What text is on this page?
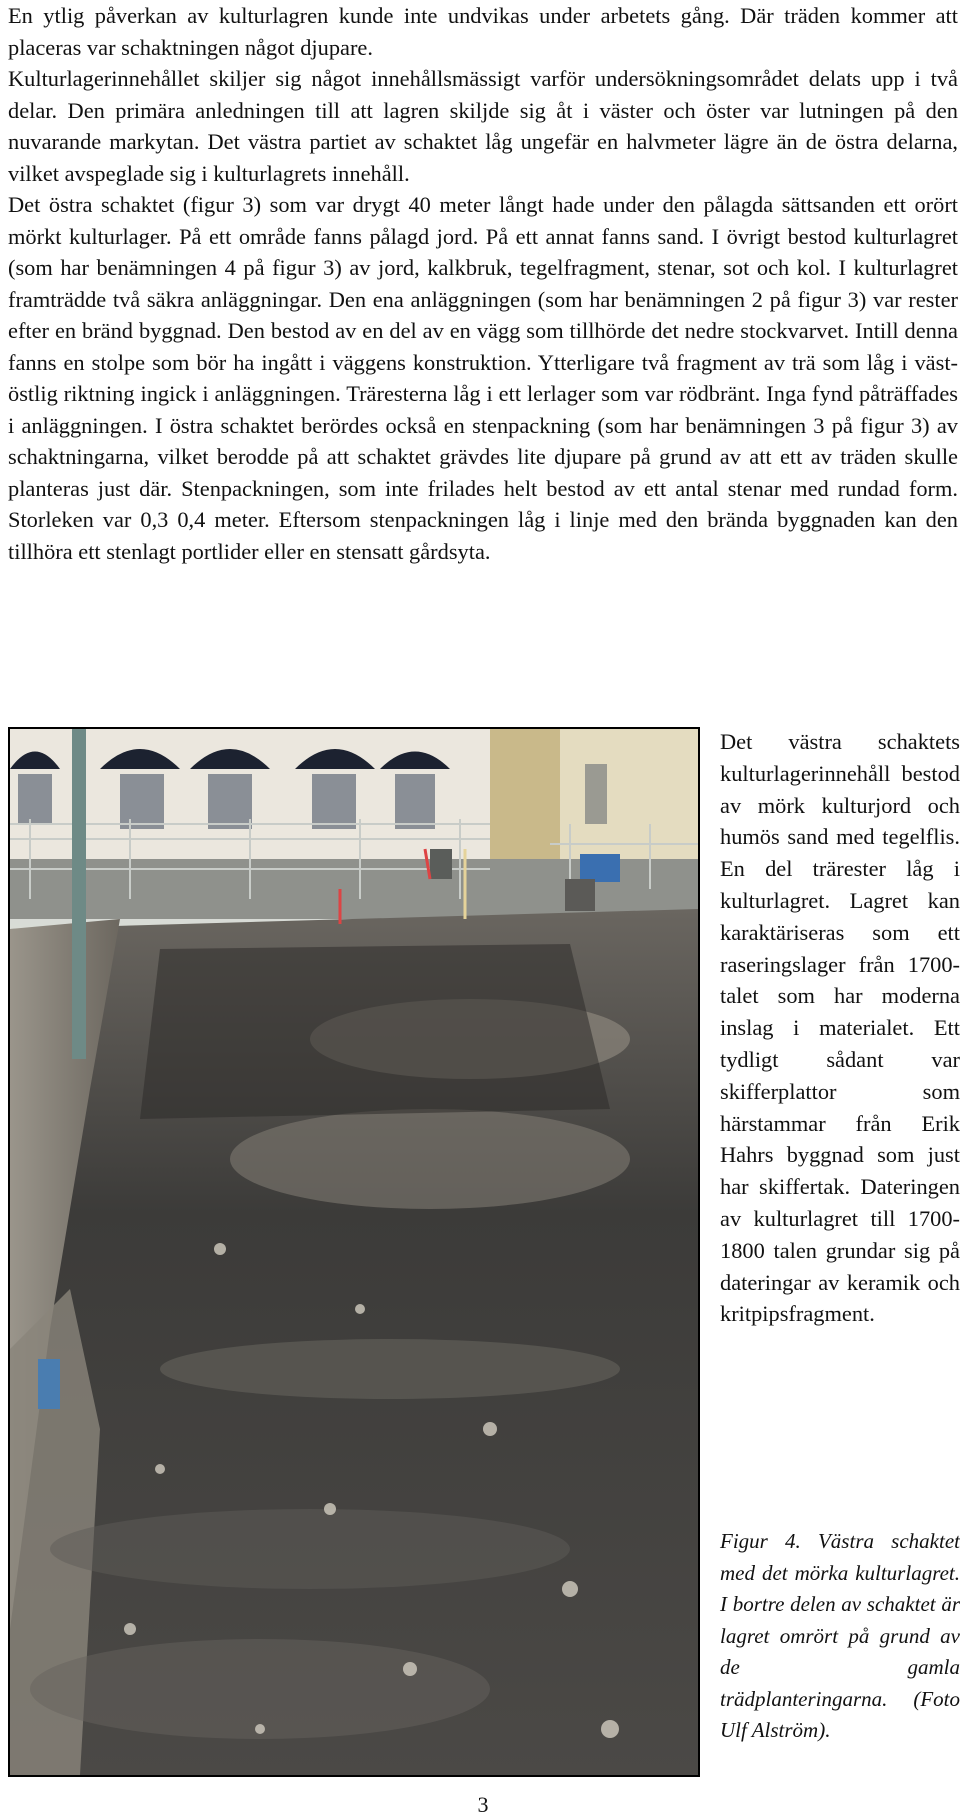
En ytlig påverkan av kulturlagren kunde inte undvikas under arbetets gång. Där träden kommer att placeras var schaktningen något djupare.

Kulturlagerinnehållet skiljer sig något innehållsmässigt varför undersökningsområdet delats upp i två delar. Den primära anledningen till att lagren skiljde sig åt i väster och öster var lutningen på den nuvarande markytan. Det västra partiet av schaktet låg ungefär en halvmeter lägre än de östra delarna, vilket avspeglade sig i kulturlagrets innehåll.

Det östra schaktet (figur 3) som var drygt 40 meter långt hade under den pålagda sättsanden ett orört mörkt kulturlager. På ett område fanns pålagd jord. På ett annat fanns sand. I övrigt bestod kulturlagret (som har benämningen 4 på figur 3) av jord, kalkbruk, tegelfragment, stenar, sot och kol. I kulturlagret framträdde två säkra anläggningar. Den ena anläggningen (som har benämningen 2 på figur 3) var rester efter en bränd byggnad. Den bestod av en del av en vägg som tillhörde det nedre stockvarvet. Intill denna fanns en stolpe som bör ha ingått i väggens konstruktion. Ytterligare två fragment av trä som låg i väst-östlig riktning ingick i anläggningen. Träresterna låg i ett lerlager som var rödbränt. Inga fynd påträffades i anläggningen. I östra schaktet berördes också en stenpackning (som har benämningen 3 på figur 3) av schaktningarna, vilket berodde på att schaktet grävdes lite djupare på grund av att ett av träden skulle planteras just där. Stenpackningen, som inte frilades helt bestod av ett antal stenar med rundad form. Storleken var 0,3 0,4 meter. Eftersom stenpackningen låg i linje med den brända byggnaden kan den tillhöra ett stenlagt portlider eller en stensatt gårdsyta.

Det västra schaktets kulturlagerinnehåll bestod av mörk kulturjord och humös sand med tegelflis. En del trärester låg i kulturlagret. Lagret kan karaktäriseras som ett raseringslager från 1700-talet som har moderna inslag i materialet. Ett tydligt sådant var skifferplattor som härstammar från Erik Hahrs byggnad som just har skiffertak. Dateringen av kulturlagret till 1700-1800 talen grundar sig på dateringar av keramik och kritpipsfragment.

Figur 4. Västra schaktet med det mörka kulturlagret. I bortre delen av schaktet är lagret omrört på grund av de gamla trädplanteringarna. (Foto Ulf Alström).

3
